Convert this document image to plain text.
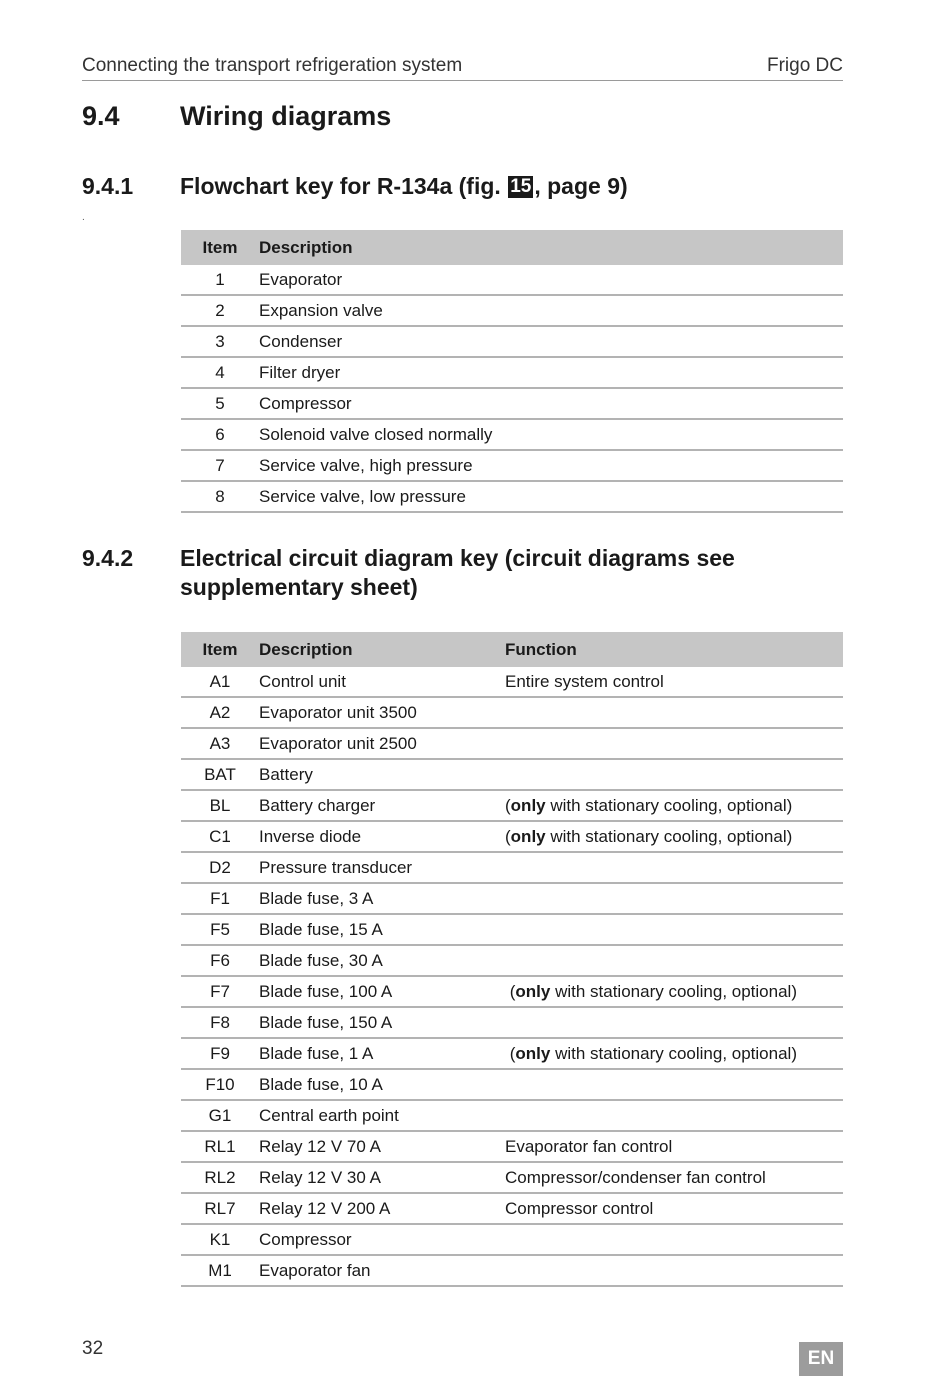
Connecting the transport refrigeration system	Frigo DC
9.4 Wiring diagrams
9.4.1 Flowchart key for R-134a (fig. 15 , page 9)
.
Item	Description
1	Evaporator
2	Expansion valve
3	Condenser
4	Filter dryer
5	Compressor
6	Solenoid valve closed normally
7	Service valve, high pressure
8	Service valve, low pressure
9.4.2 Electrical circuit diagram key (circuit diagrams see
supplementary sheet)
Item	Description	Function
A1	Control unit	Entire system control
A2	Evaporator unit 3500	
A3	Evaporator unit 2500	
BAT	Battery	
BL	Battery charger	(only with stationary cooling, optional)
C1	Inverse diode	(only with stationary cooling, optional)
D2	Pressure transducer	
F1	Blade fuse, 3 A	
F5	Blade fuse, 15 A	
F6	Blade fuse, 30 A	
F7	Blade fuse, 100 A	(only with stationary cooling, optional)
F8	Blade fuse, 150 A	
F9	Blade fuse, 1 A	(only with stationary cooling, optional)
F10	Blade fuse, 10 A	
G1	Central earth point	
RL1	Relay 12 V 70 A	Evaporator fan control
RL2	Relay 12 V 30 A	Compressor/condenser fan control
RL7	Relay 12 V 200 A	Compressor control
K1	Compressor	
M1	Evaporator fan	
32	EN
